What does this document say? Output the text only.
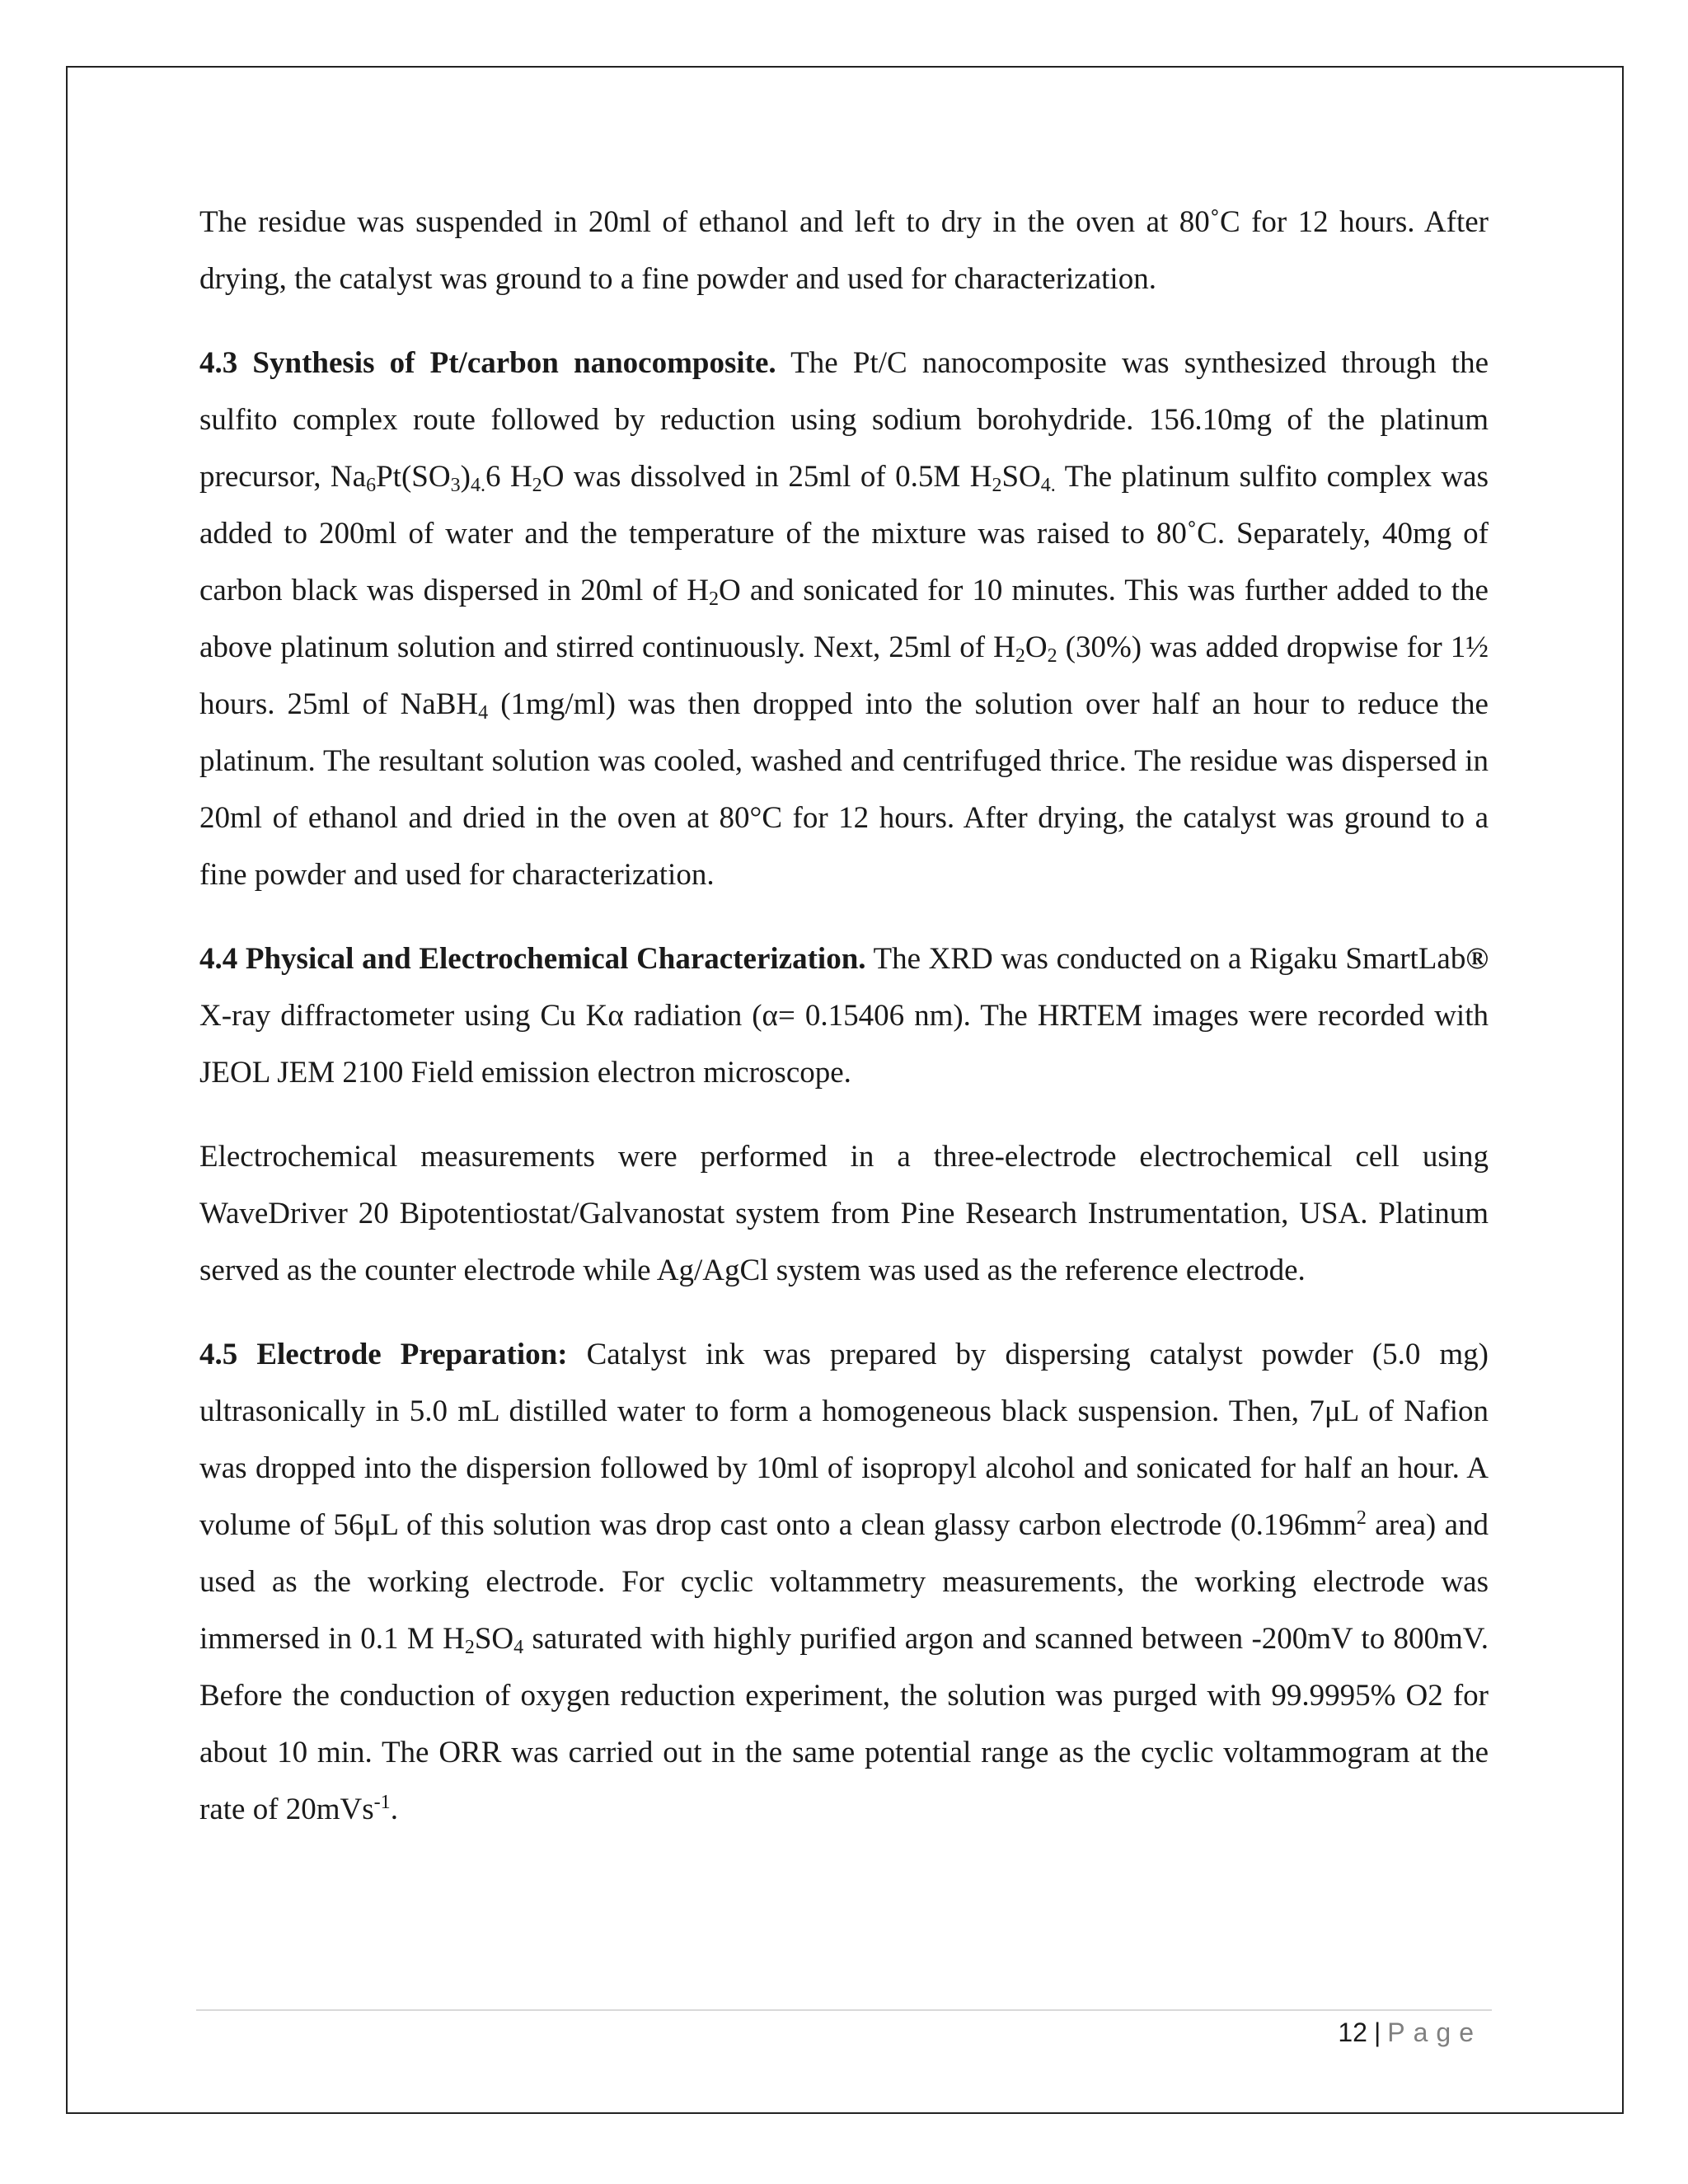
The residue was suspended in 20ml of ethanol and left to dry in the oven at 80˚C for 12 hours. After drying, the catalyst was ground to a fine powder and used for characterization.

4.3 Synthesis of Pt/carbon nanocomposite. The Pt/C nanocomposite was synthesized through the sulfito complex route followed by reduction using sodium borohydride. 156.10mg of the platinum precursor, $Na_6Pt(SO_3)_{4.}6$ $H_2O$ was dissolved in 25ml of 0.5M $H_2SO_{4.}$ The platinum sulfito complex was added to 200ml of water and the temperature of the mixture was raised to 80˚C. Separately, 40mg of carbon black was dispersed in 20ml of $H_2O$ and sonicated for 10 minutes. This was further added to the above platinum solution and stirred continuously. Next, 25ml of $H_2O_2$ (30%) was added dropwise for 1½ hours. 25ml of NaBH$_4$ (1mg/ml) was then dropped into the solution over half an hour to reduce the platinum. The resultant solution was cooled, washed and centrifuged thrice. The residue was dispersed in 20ml of ethanol and dried in the oven at 80°C for 12 hours. After drying, the catalyst was ground to a fine powder and used for characterization.

4.4 Physical and Electrochemical Characterization. The XRD was conducted on a Rigaku SmartLab® X-ray diffractometer using Cu Kα radiation (α= 0.15406 nm). The HRTEM images were recorded with JEOL JEM 2100 Field emission electron microscope.

Electrochemical measurements were performed in a three-electrode electrochemical cell using WaveDriver 20 Bipotentiostat/Galvanostat system from Pine Research Instrumentation, USA. Platinum served as the counter electrode while Ag/AgCl system was used as the reference electrode.

4.5 Electrode Preparation: Catalyst ink was prepared by dispersing catalyst powder (5.0 mg) ultrasonically in 5.0 mL distilled water to form a homogeneous black suspension. Then, 7μL of Nafion was dropped into the dispersion followed by 10ml of isopropyl alcohol and sonicated for half an hour. A volume of 56μL of this solution was drop cast onto a clean glassy carbon electrode ($0.196mm^2$ area) and used as the working electrode. For cyclic voltammetry measurements, the working electrode was immersed in 0.1 M $H_2SO_4$ saturated with highly purified argon and scanned between -200mV to 800mV. Before the conduction of oxygen reduction experiment, the solution was purged with 99.9995% O2 for about 10 min. The ORR was carried out in the same potential range as the cyclic voltammogram at the rate of 20mVs$^{-1}$.

12 | Page
